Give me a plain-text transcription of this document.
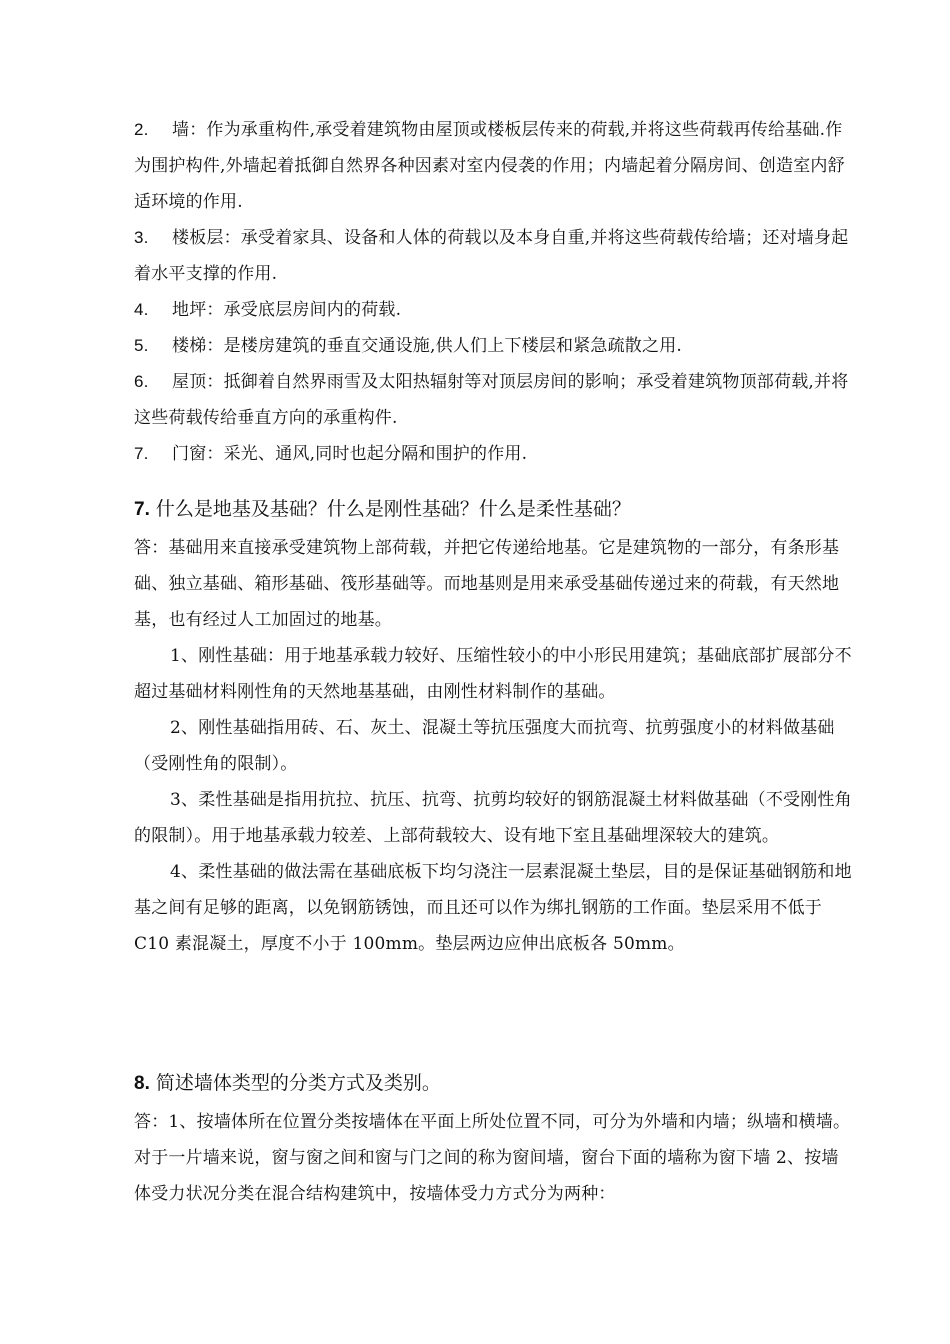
2. 墙：作为承重构件,承受着建筑物由屋顶或楼板层传来的荷载,并将这些荷载再传给基础.作为围护构件,外墙起着抵御自然界各种因素对室内侵袭的作用；内墙起着分隔房间、创造室内舒适环境的作用.

3. 楼板层：承受着家具、设备和人体的荷载以及本身自重,并将这些荷载传给墙；还对墙身起着水平支撑的作用.

4. 地坪：承受底层房间内的荷载.

5. 楼梯：是楼房建筑的垂直交通设施,供人们上下楼层和紧急疏散之用.

6. 屋顶：抵御着自然界雨雪及太阳热辐射等对顶层房间的影响；承受着建筑物顶部荷载,并将这些荷载传给垂直方向的承重构件.

7. 门窗：采光、通风,同时也起分隔和围护的作用.

7. 什么是地基及基础？什么是刚性基础？什么是柔性基础？

答：基础用来直接承受建筑物上部荷载，并把它传递给地基。它是建筑物的一部分，有条形基础、独立基础、箱形基础、筏形基础等。而地基则是用来承受基础传递过来的荷载，有天然地基，也有经过人工加固过的地基。

1、刚性基础：用于地基承载力较好、压缩性较小的中小形民用建筑；基础底部扩展部分不超过基础材料刚性角的天然地基基础，由刚性材料制作的基础。

2、刚性基础指用砖、石、灰土、混凝土等抗压强度大而抗弯、抗剪强度小的材料做基础（受刚性角的限制）。

3、柔性基础是指用抗拉、抗压、抗弯、抗剪均较好的钢筋混凝土材料做基础（不受刚性角的限制）。用于地基承载力较差、上部荷载较大、设有地下室且基础埋深较大的建筑。

4、柔性基础的做法需在基础底板下均匀浇注一层素混凝土垫层，目的是保证基础钢筋和地基之间有足够的距离，以免钢筋锈蚀，而且还可以作为绑扎钢筋的工作面。垫层采用不低于 C10 素混凝土，厚度不小于 100mm。垫层两边应伸出底板各 50mm。

8. 简述墙体类型的分类方式及类别。

答：1、按墙体所在位置分类按墙体在平面上所处位置不同，可分为外墙和内墙；纵墙和横墙。对于一片墙来说，窗与窗之间和窗与门之间的称为窗间墙，窗台下面的墙称为窗下墙 2、按墙体受力状况分类在混合结构建筑中，按墙体受力方式分为两种：
